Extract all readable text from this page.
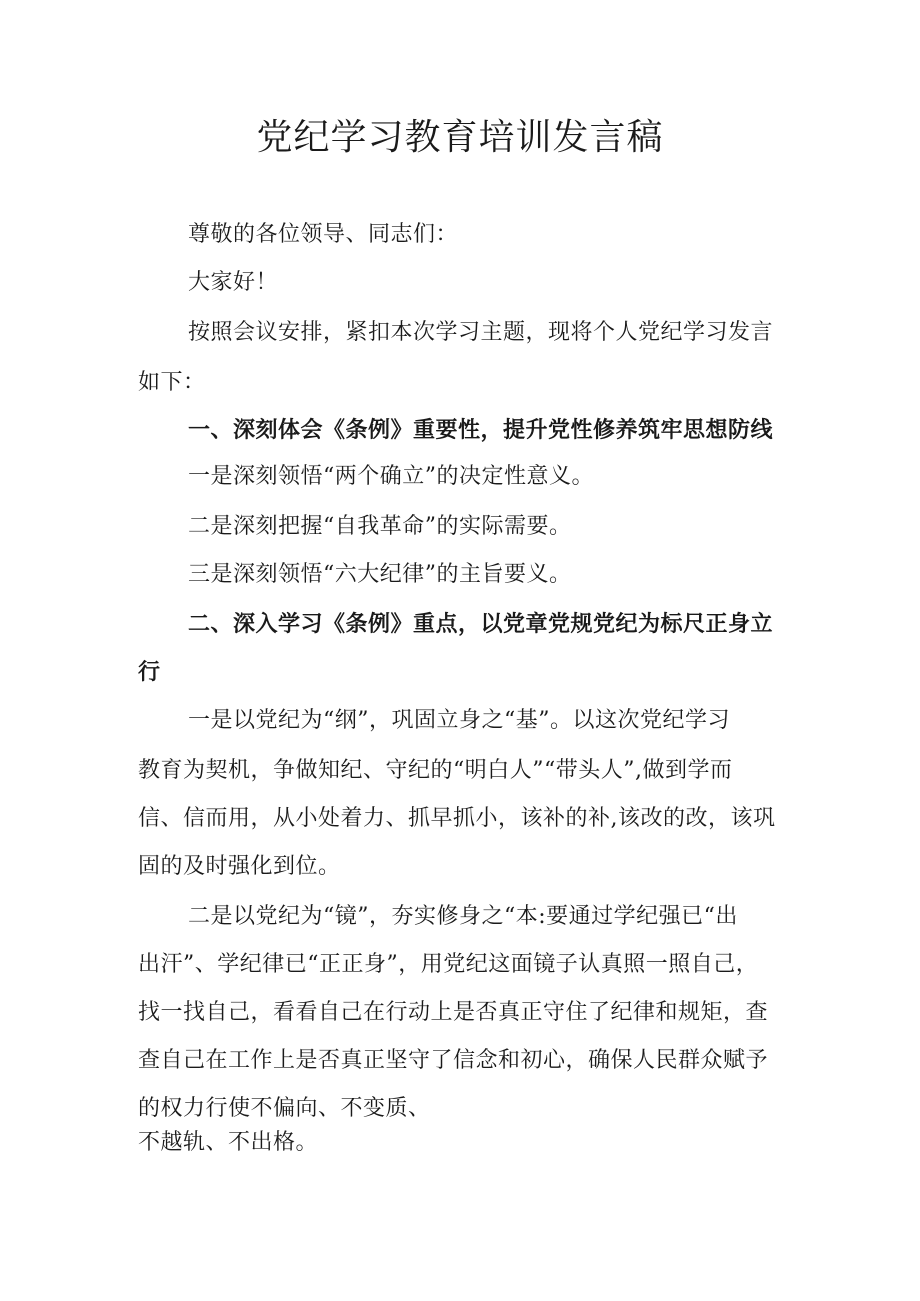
党纪学习教育培训发言稿
尊敬的各位领导、同志们：
大家好！
按照会议安排，紧扣本次学习主题，现将个人党纪学习发言
如下：
一、深刻体会《条例》重要性，提升党性修养筑牢思想防线
一是深刻领悟“两个确立”的决定性意义。
二是深刻把握“自我革命”的实际需要。
三是深刻领悟“六大纪律”的主旨要义。
二、深入学习《条例》重点，以党章党规党纪为标尺正身立
行
一是以党纪为“纲”，巩固立身之“基”。以这次党纪学习
教育为契机，争做知纪、守纪的“明白人”“带头人”,做到学而
信、信而用，从小处着力、抓早抓小，该补的补,该改的改，该巩
固的及时强化到位。
二是以党纪为“镜”，夯实修身之“本:要通过学纪强已“出
出汗”、学纪律已“正正身”，用党纪这面镜子认真照一照自己，
找一找自己，看看自己在行动上是否真正守住了纪律和规矩，查
查自己在工作上是否真正坚守了信念和初心，确保人民群众赋予
的权力行使不偏向、不变质、
不越轨、不出格。
